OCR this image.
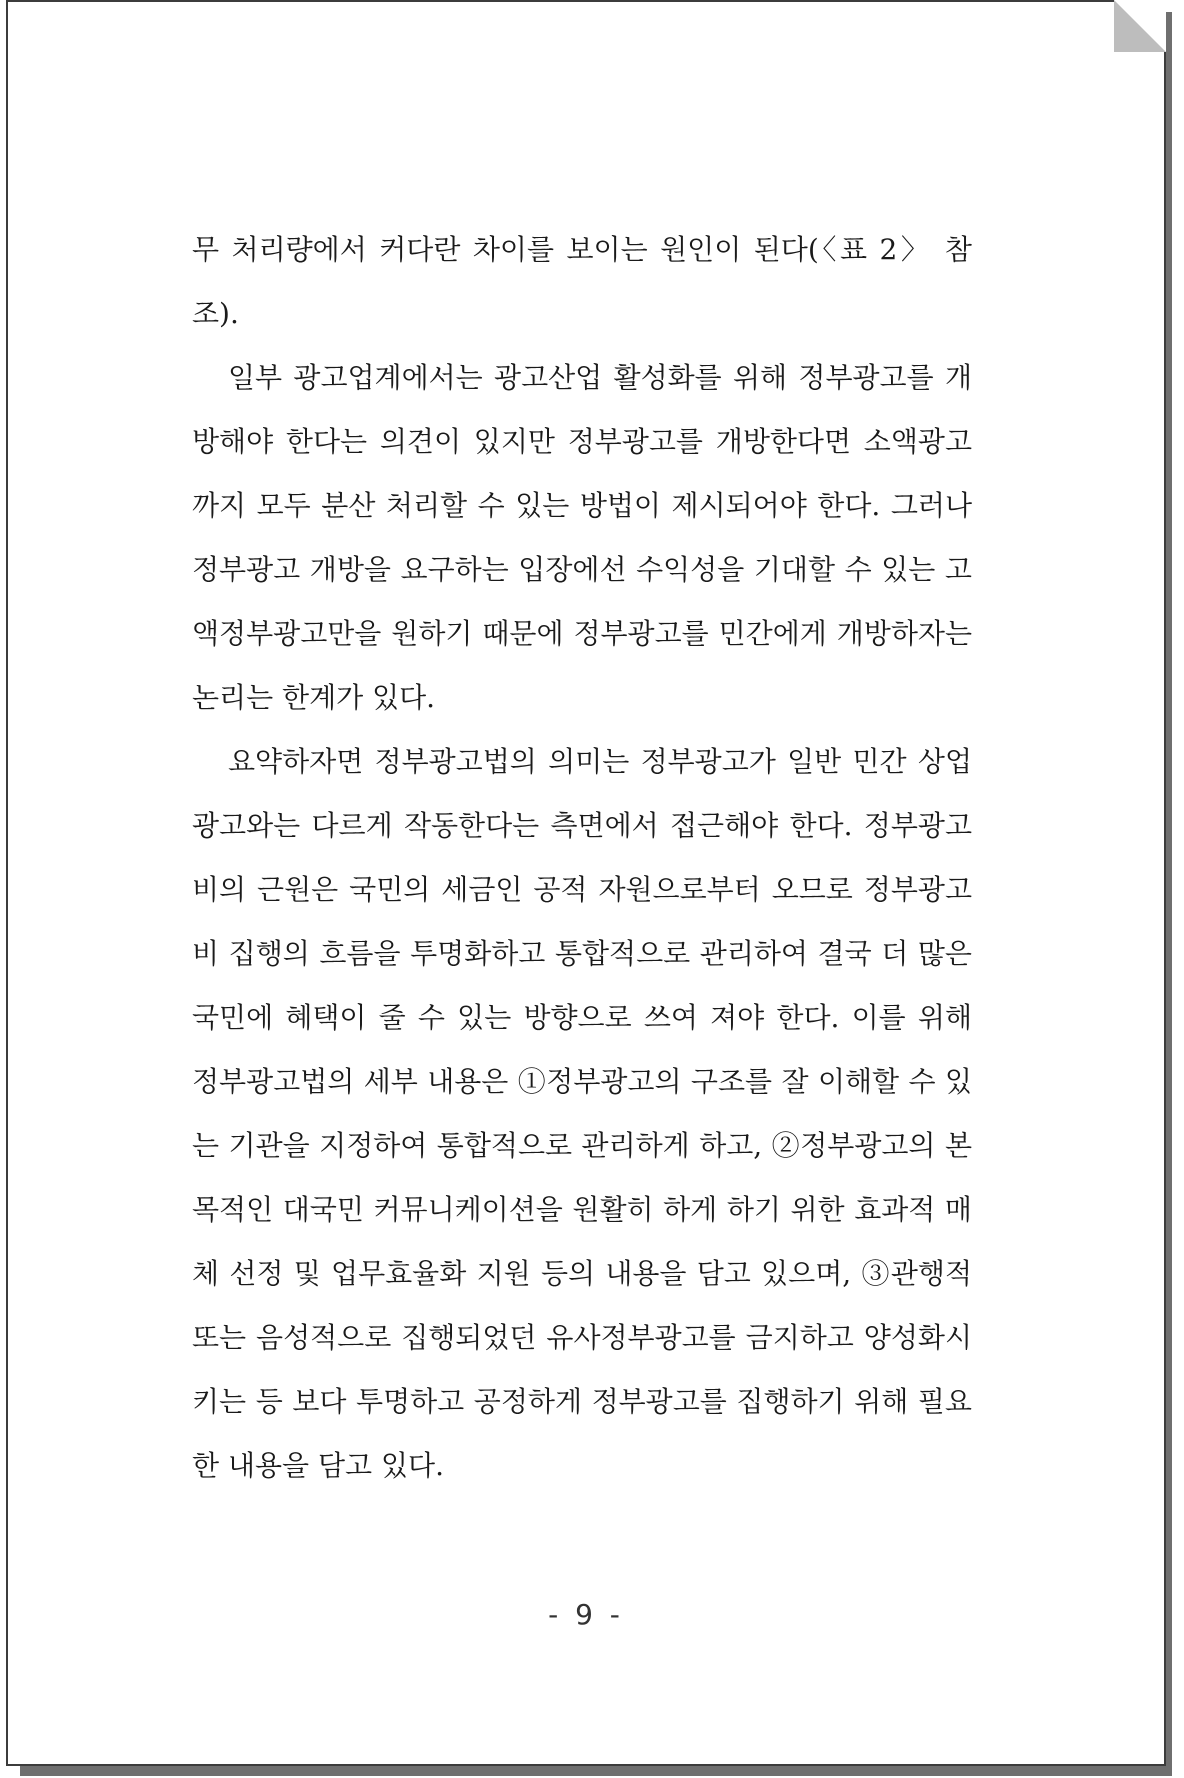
무 처리량에서 커다란 차이를 보이는 원인이 된다(〈표 2〉 참조).

일부 광고업계에서는 광고산업 활성화를 위해 정부광고를 개방해야 한다는 의견이 있지만 정부광고를 개방한다면 소액광고까지 모두 분산 처리할 수 있는 방법이 제시되어야 한다. 그러나 정부광고 개방을 요구하는 입장에선 수익성을 기대할 수 있는 고액정부광고만을 원하기 때문에 정부광고를 민간에게 개방하자는 논리는 한계가 있다.

요약하자면 정부광고법의 의미는 정부광고가 일반 민간 상업광고와는 다르게 작동한다는 측면에서 접근해야 한다. 정부광고비의 근원은 국민의 세금인 공적 자원으로부터 오므로 정부광고비 집행의 흐름을 투명화하고 통합적으로 관리하여 결국 더 많은 국민에 혜택이 줄 수 있는 방향으로 쓰여 져야 한다. 이를 위해 정부광고법의 세부 내용은 ①정부광고의 구조를 잘 이해할 수 있는 기관을 지정하여 통합적으로 관리하게 하고, ②정부광고의 본목적인 대국민 커뮤니케이션을 원활히 하게 하기 위한 효과적 매체 선정 및 업무효율화 지원 등의 내용을 담고 있으며, ③관행적 또는 음성적으로 집행되었던 유사정부광고를 금지하고 양성화시키는 등 보다 투명하고 공정하게 정부광고를 집행하기 위해 필요한 내용을 담고 있다.

- 9 -
